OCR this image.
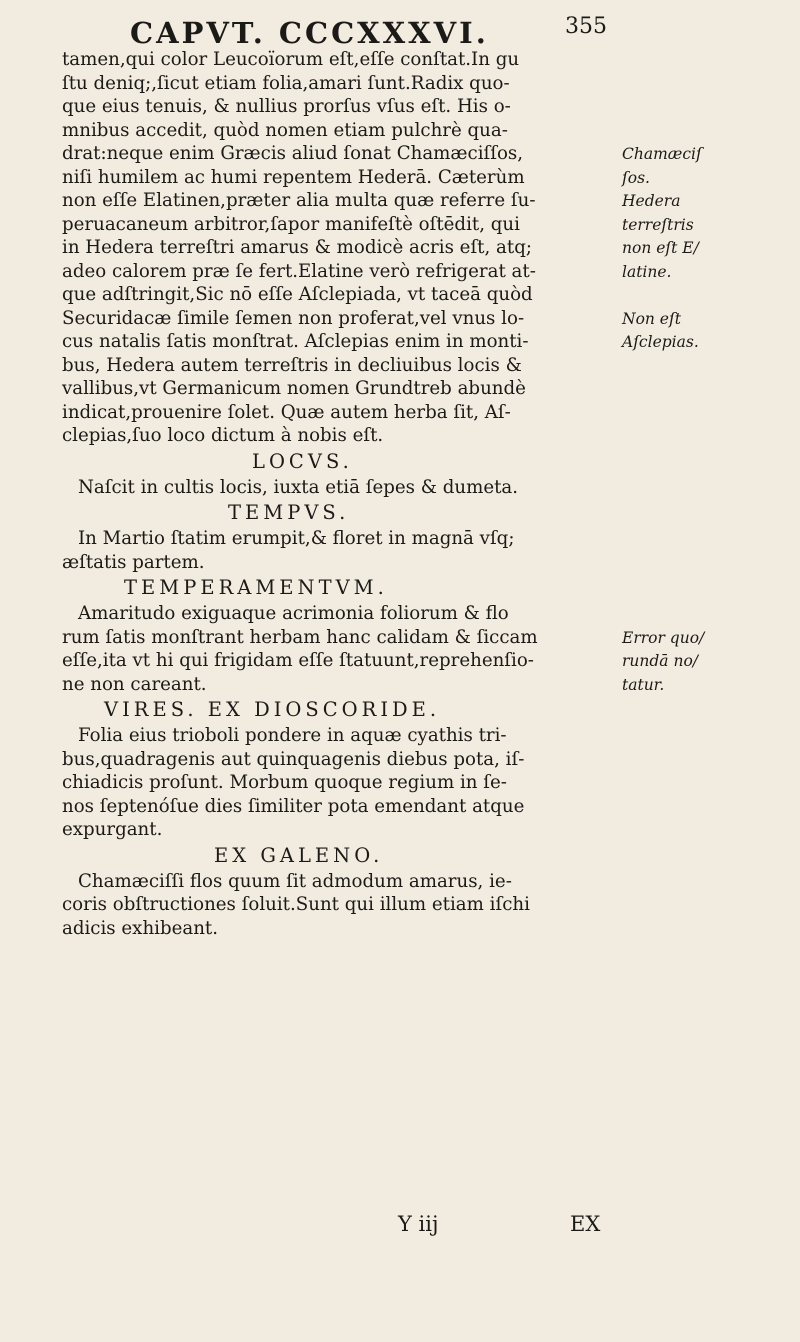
CAPVT. CCCXXXVI.	355
tamen,qui color Leucoïorum eſt,eſſe conſtat.In gu
ſtu deniq;,ſicut etiam folia,amari ſunt.Radix quo-
que eius tenuis, & nullius prorſus vſus eſt. His o-
mnibus accedit, quòd nomen etiam pulchrè qua-
drat:neque enim Græcis aliud ſonat Chamæciſſos,
niſi humilem ac humi repentem Hederā. Cæterùm
non eſſe Elatinen,præter alia multa quæ referre ſu-
peruacaneum arbitror,ſapor manifeſtè oſtēdit, qui
in Hedera terreſtri amarus & modicè acris eſt, atq;
adeo calorem præ ſe fert.Elatine verò refrigerat at-
que adſtringit,Sic nō eſſe Aſclepiada, vt taceā quòd
Securidacæ ſimile ſemen non proferat,vel vnus lo-
cus natalis ſatis monſtrat. Aſclepias enim in monti-
bus, Hedera autem terreſtris in decliuibus locis &
vallibus,vt Germanicum nomen Grundtreb abundè
indicat,prouenire ſolet. Quæ autem herba ſit, Aſ-
clepias,ſuo loco dictum à nobis eſt.
LOCVS.
Naſcit in cultis locis, iuxta etiā ſepes & dumeta.
TEMPVS.
In Martio ſtatim erumpit,& floret in magnā vſq;
æſtatis partem.
TEMPERAMENTVM.
Amaritudo exiguaque acrimonia foliorum & flo
rum ſatis monſtrant herbam hanc calidam & ſiccam
eſſe,ita vt hi qui frigidam eſſe ſtatuunt,reprehenſio-
ne non careant.
VIRES. EX DIOSCORIDE.
Folia eius trioboli pondere in aquæ cyathis tri-
bus,quadragenis aut quinquagenis diebus pota, iſ-
chiadicis proſunt. Morbum quoque regium in ſe-
nos ſeptenóſue dies ſimiliter pota emendant atque
expurgant.
EX GALENO.
Chamæciſſi flos quum ſit admodum amarus, ie-
coris obſtructiones ſoluit.Sunt qui illum etiam iſchi
adicis exhibeant.
Chamæciſ
ſos.
Hedera
terreſtris
non eſt E/
latine.
Non eſt
Aſclepias.
Error quo/
rundā no/
tatur.
Y iij	EX
